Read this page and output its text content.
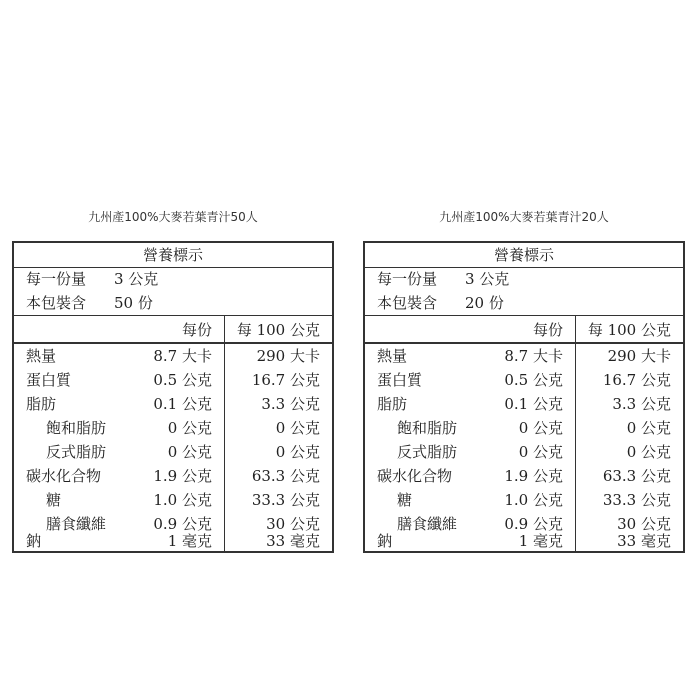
九州產100%大麥若葉青汁50人
營養標示
每一份量 3 公克
本包裝含 50 份
每份 每 100 公克
熱量	8.7 大卡	290 大卡
蛋白質	0.5 公克	16.7 公克
脂肪	0.1 公克	3.3 公克
飽和脂肪	0 公克	0 公克
反式脂肪	0 公克	0 公克
碳水化合物	1.9 公克	63.3 公克
糖	1.0 公克	33.3 公克
膳食纖維	0.9 公克	30 公克
鈉	1 毫克	33 毫克
九州產100%大麥若葉青汁20人
營養標示
每一份量 3 公克
本包裝含 20 份
每份 每 100 公克
熱量	8.7 大卡	290 大卡
蛋白質	0.5 公克	16.7 公克
脂肪	0.1 公克	3.3 公克
飽和脂肪	0 公克	0 公克
反式脂肪	0 公克	0 公克
碳水化合物	1.9 公克	63.3 公克
糖	1.0 公克	33.3 公克
膳食纖維	0.9 公克	30 公克
鈉	1 毫克	33 毫克
